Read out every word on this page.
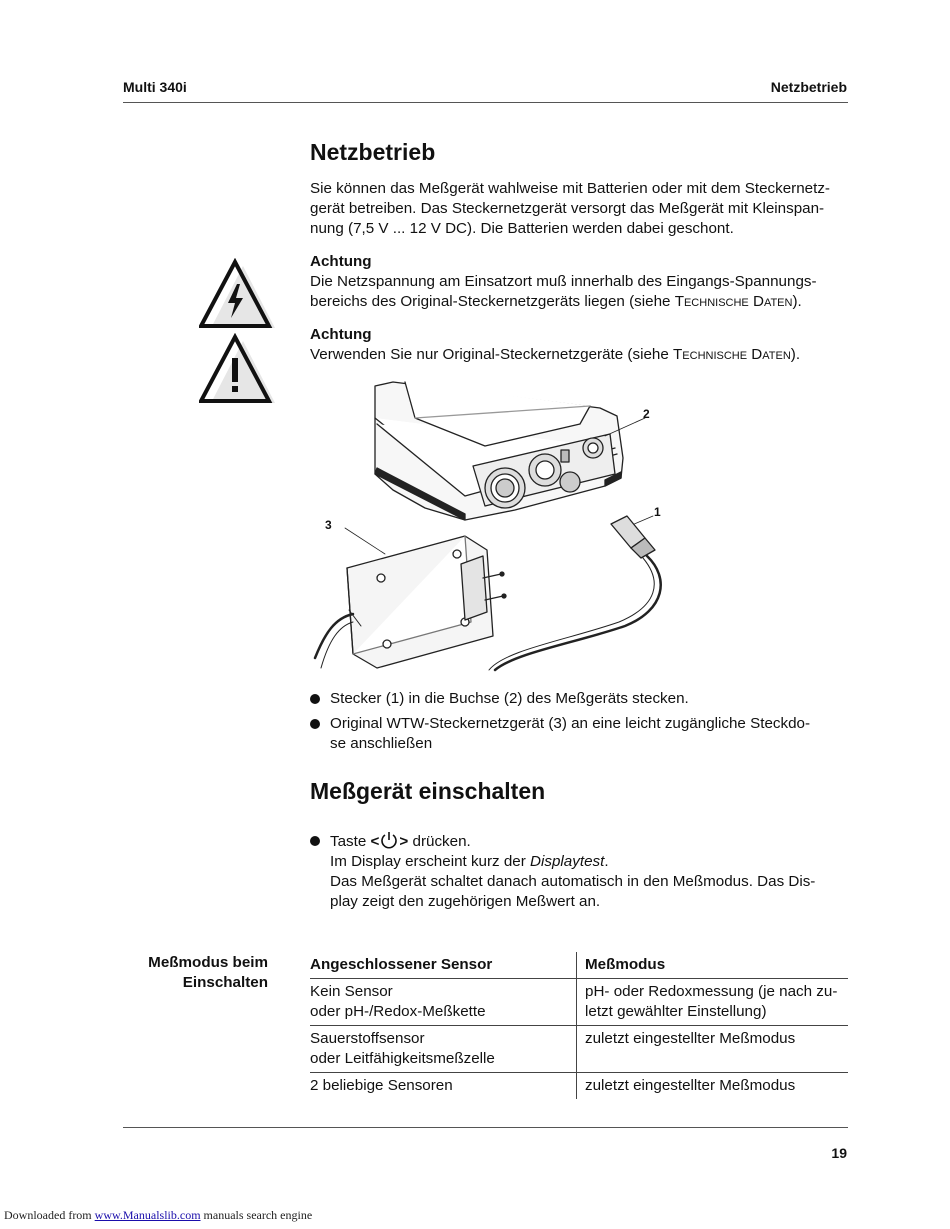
Multi 340i	Netzbetrieb
Netzbetrieb
Sie können das Meßgerät wahlweise mit Batterien oder mit dem Steckernetz-
gerät betreiben. Das Steckernetzgerät versorgt das Meßgerät mit Kleinspan-
nung (7,5 V ... 12 V DC). Die Batterien werden dabei geschont.
Achtung
Die Netzspannung am Einsatzort muß innerhalb des Eingangs-Spannungs-
bereichs des Original-Steckernetzgeräts liegen (siehe Technische Daten).
Achtung
Verwenden Sie nur Original-Steckernetzgeräte (siehe Technische Daten).
2
1
3
Stecker (1) in die Buchse (2) des Meßgeräts stecken.
Original WTW-Steckernetzgerät (3) an eine leicht zugängliche Steckdo-
se anschließen
Meßgerät einschalten
Taste < > drücken.
Im Display erscheint kurz der Displaytest.
Das Meßgerät schaltet danach automatisch in den Meßmodus. Das Dis-
play zeigt den zugehörigen Meßwert an.
Meßmodus beim
Einschalten
Angeschlossener Sensor	Meßmodus

Kein Sensor
oder pH-/Redox-Meßkette	pH- oder Redoxmessung (je nach zu-
letzt gewählter Einstellung)

Sauerstoffsensor
oder Leitfähigkeitsmeßzelle	zuletzt eingestellter Meßmodus

2 beliebige Sensoren	zuletzt eingestellter Meßmodus
19
Downloaded from www.Manualslib.com manuals search engine
